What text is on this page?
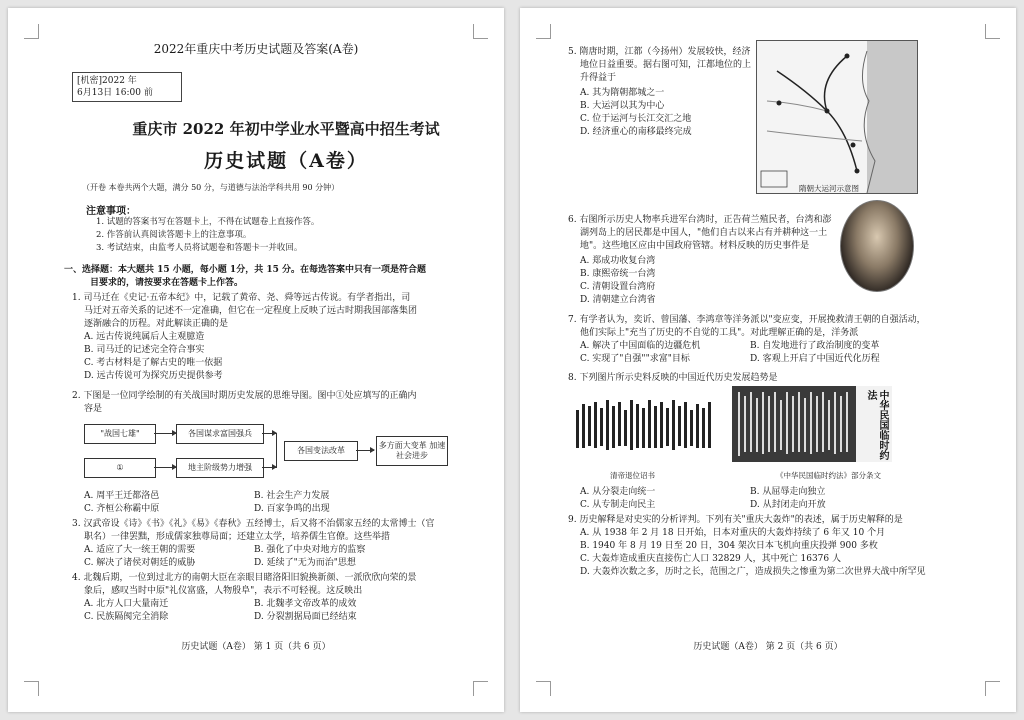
2022年重庆中考历史试题及答案(A卷)
[机密]2022 年
6月13日 16:00 前
重庆市 2022 年初中学业水平暨高中招生考试
历史试题（A卷）
（开卷 本卷共两个大题，满分 50 分，与道德与法治学科共用 90 分钟）
注意事项：
1. 试题的答案书写在答题卡上，不得在试题卷上直接作答。
2. 作答前认真阅读答题卡上的注意事项。
3. 考试结束，由监考人员将试题卷和答题卡一并收回。
一、选择题：本大题共 15 小题，每小题 1分，共 15 分。在每选答案中只有一项是符合题
目要求的，请按要求在答题卡上作答。
1. 司马迁在《史记·五帝本纪》中，记载了黄帝、尧、舜等远古传说。有学者指出，司
马迁对五帝关系的记述不一定准确，但它在一定程度上反映了远古时期我国部落集团
逐渐融合的历程。对此解读正确的是
A. 远古传说纯属后人主观臆造
B. 司马迁的记述完全符合事实
C. 考古材料是了解古史的唯一依据
D. 远古传说可为探究历史提供参考
2. 下图是一位同学绘制的有关战国时期历史发展的思维导图。图中①处应填写的正确内
容是
"战国七雄"	各国谋求富国强兵
①	地主阶级势力增强
各国变法改革
多方面大变革 加速社会进步
A. 周平王迁都洛邑	B. 社会生产力发展
C. 齐桓公称霸中原	D. 百家争鸣的出现
3. 汉武帝设《诗》《书》《礼》《易》《春秋》五经博士，后又将不治儒家五经的太常博士（官
职名）一律罢黜，形成儒家独尊局面；还建立太学，培养儒生官僚。这些举措
A. 适应了大一统王朝的需要	B. 强化了中央对地方的监察
C. 解决了诸侯对朝廷的威胁	D. 延续了"无为而治"思想
4. 北魏后期，一位到过北方的南朝大臣在亲眼目睹洛阳旧貌换新颜、一派欣欣向荣的景
象后，感叹当时中原"礼仪富盛，人物殷阜"，表示不可轻视。这反映出
A. 北方人口大量南迁	B. 北魏孝文帝改革的成效
C. 民族隔阂完全消除	D. 分裂割据局面已经结束
历史试题（A卷） 第 1 页（共 6 页）
5. 隋唐时期，江都（今扬州）发展较快，经济
地位日益重要。据右图可知，江都地位的上
升得益于
A. 其为隋朝都城之一
B. 大运河以其为中心
C. 位于运河与长江交汇之地
D. 经济重心的南移最终完成
隋朝大运河示意图
6. 右图所示历史人物率兵进军台湾时，正告荷兰殖民者，台湾和澎
湖列岛上的居民都是中国人，"他们自古以来占有并耕种这一土
地"。这些地区应由中国政府管辖。材料反映的历史事件是
A. 郑成功收复台湾
B. 康熙帝统一台湾
C. 清朝设置台湾府
D. 清朝建立台湾省
7. 有学者认为，奕䜣、曾国藩、李鸿章等洋务派以"变应变，开展挽救清王朝的自强活动，
他们实际上"充当了历史的不自觉的工具"。对此理解正确的是，洋务派
A. 解决了中国面临的边疆危机	B. 自发地进行了政治制度的变革
C. 实现了"自强""求富"目标	D. 客观上开启了中国近代化历程
8. 下列图片所示史料反映的中国近代历史发展趋势是
清帝退位诏书
中华民国临时约法
《中华民国临时约法》部分条文
A. 从分裂走向统一	B. 从屈辱走向独立
C. 从专制走向民主	D. 从封闭走向开放
9. 历史解释是对史实的分析评判。下列有关"重庆大轰炸"的表述，属于历史解释的是
A. 从 1938 年 2 月 18 日开始，日本对重庆的大轰炸持续了 6 年又 10 个月
B. 1940 年 8 月 19 日至 20 日，304 架次日本飞机向重庆投弹 900 多枚
C. 大轰炸造成重庆直接伤亡人口 32829 人，其中死亡 16376 人
D. 大轰炸次数之多，历时之长，范围之广，造成损失之惨重为第二次世界大战中所罕见
历史试题（A卷） 第 2 页（共 6 页）
